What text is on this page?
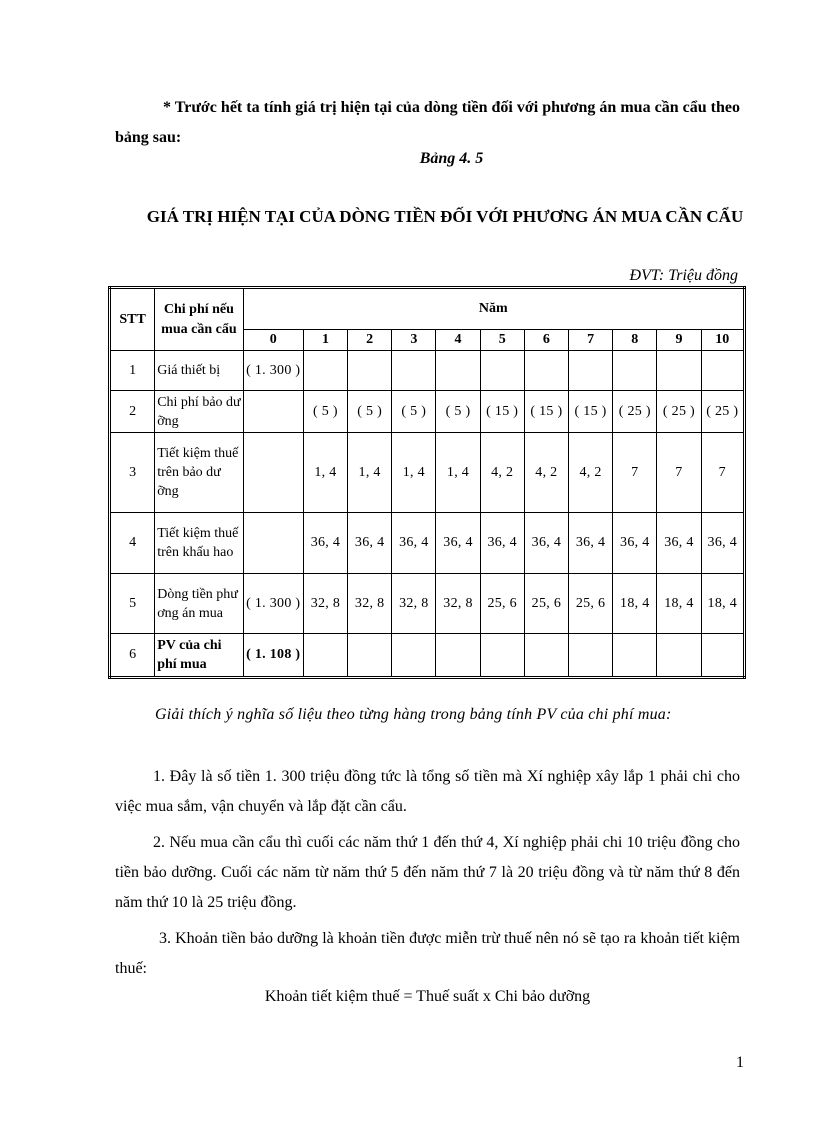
* Trước hết ta tính giá trị hiện tại của dòng tiền đối với phương án mua cần cẩu theo bảng sau:
Bảng 4. 5
GIÁ TRỊ HIỆN TẠI CỦA DÒNG TIỀN ĐỐI VỚI PHƯƠNG ÁN MUA CẦN CẨU
ĐVT: Triệu đồng
STT	Chi phí nếu mua cần cẩu	Năm										
		0	1	2	3	4	5	6	7	8	9	10
1	Giá thiết bị	( 1. 300 )										
2	Chi phí bảo dư ỡng		( 5 )	( 5 )	( 5 )	( 5 )	( 15 )	( 15 )	( 15 )	( 25 )	( 25 )	( 25 )
3	Tiết kiệm thuế trên bảo dư ỡng		1, 4	1, 4	1, 4	1, 4	4, 2	4, 2	4, 2	7	7	7
4	Tiết kiệm thuế trên khấu hao		36, 4	36, 4	36, 4	36, 4	36, 4	36, 4	36, 4	36, 4	36, 4	36, 4
5	Dòng tiền phư ơng án mua	( 1. 300 )	32, 8	32, 8	32, 8	32, 8	25, 6	25, 6	25, 6	18, 4	18, 4	18, 4
6	PV của chi phí mua	( 1. 108 )										
Giải thích ý nghĩa số liệu theo từng hàng trong bảng tính PV của chi phí mua:
1. Đây là số tiền 1. 300 triệu đồng tức là tổng số tiền mà Xí nghiệp xây lắp 1 phải chi cho việc mua sắm, vận chuyển và lắp đặt cần cẩu.
2. Nếu mua cần cẩu thì cuối các năm thứ 1 đến thứ 4, Xí nghiệp phải chi 10 triệu đồng cho tiền bảo dưỡng. Cuối các năm từ năm thứ 5 đến năm thứ 7 là 20 triệu đồng và từ năm thứ 8 đến năm thứ 10 là 25 triệu đồng.
3. Khoản tiền bảo dưỡng là khoản tiền được miễn trừ thuế nên nó sẽ tạo ra khoản tiết kiệm thuế:
Khoản tiết kiệm thuế = Thuế suất x Chi bảo dưỡng
1
